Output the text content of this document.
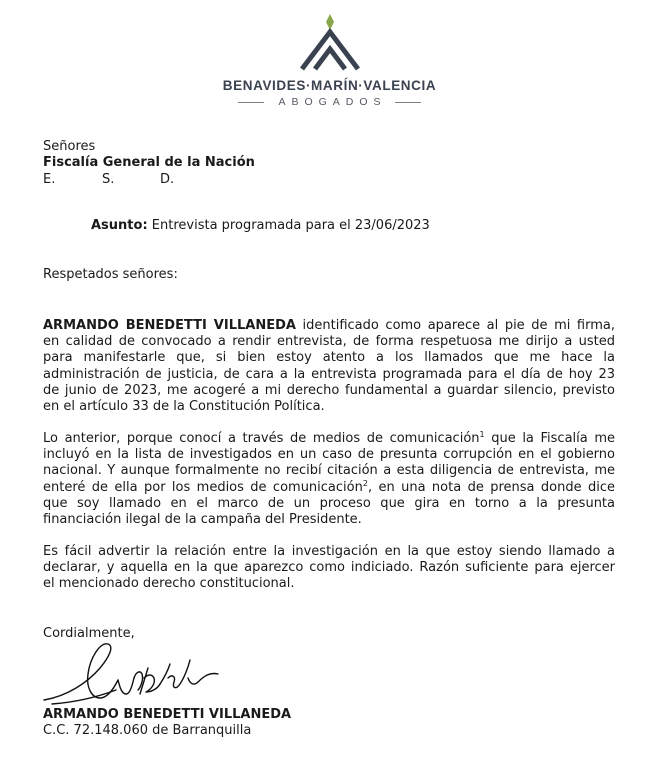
BENAVIDES·MARÍN·VALENCIA
ABOGADOS
Señores
Fiscalía General de la Nación
E.	S.	D.
Asunto: Entrevista programada para el 23/06/2023
Respetados señores:
ARMANDO BENEDETTI VILLANEDA identificado como aparece al pie de mi firma,
en calidad de convocado a rendir entrevista, de forma respetuosa me dirijo a usted
para manifestarle que, si bien estoy atento a los llamados que me hace la
administración de justicia, de cara a la entrevista programada para el día de hoy 23
de junio de 2023, me acogeré a mi derecho fundamental a guardar silencio, previsto
en el artículo 33 de la Constitución Política.
Lo anterior, porque conocí a través de medios de comunicación$^1$ que la Fiscalía me
incluyó en la lista de investigados en un caso de presunta corrupción en el gobierno
nacional. Y aunque formalmente no recibí citación a esta diligencia de entrevista, me
enteré de ella por los medios de comunicación$^2$, en una nota de prensa donde dice
que soy llamado en el marco de un proceso que gira en torno a la presunta
financiación ilegal de la campaña del Presidente.
Es fácil advertir la relación entre la investigación en la que estoy siendo llamado a
declarar, y aquella en la que aparezco como indiciado. Razón suficiente para ejercer
el mencionado derecho constitucional.
Cordialmente,
ARMANDO BENEDETTI VILLANEDA
C.C. 72.148.060 de Barranquilla
